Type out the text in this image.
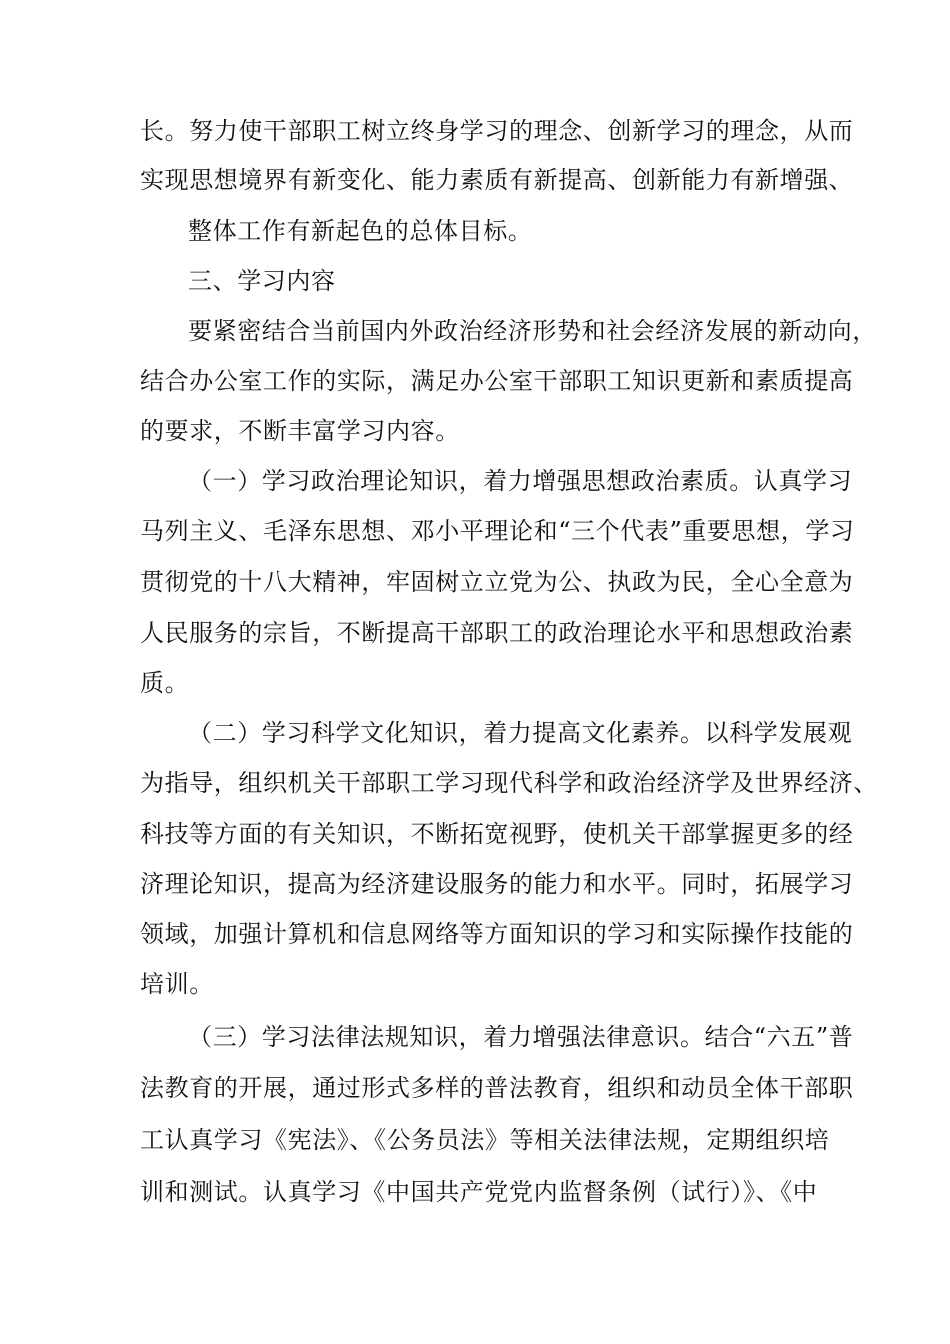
长。努力使干部职工树立终身学习的理念、创新学习的理念，从而
实现思想境界有新变化、能力素质有新提高、创新能力有新增强、
整体工作有新起色的总体目标。
三、学习内容
要紧密结合当前国内外政治经济形势和社会经济发展的新动向，
结合办公室工作的实际，满足办公室干部职工知识更新和素质提高
的要求，不断丰富学习内容。
（一）学习政治理论知识，着力增强思想政治素质。认真学习
马列主义、毛泽东思想、邓小平理论和“三个代表”重要思想，学习
贯彻党的十八大精神，牢固树立立党为公、执政为民，全心全意为
人民服务的宗旨，不断提高干部职工的政治理论水平和思想政治素
质。
（二）学习科学文化知识，着力提高文化素养。以科学发展观
为指导，组织机关干部职工学习现代科学和政治经济学及世界经济、
科技等方面的有关知识，不断拓宽视野，使机关干部掌握更多的经
济理论知识，提高为经济建设服务的能力和水平。同时，拓展学习
领域，加强计算机和信息网络等方面知识的学习和实际操作技能的
培训。
（三）学习法律法规知识，着力增强法律意识。结合“六五”普
法教育的开展，通过形式多样的普法教育，组织和动员全体干部职
工认真学习《宪法》、《公务员法》等相关法律法规，定期组织培
训和测试。认真学习《中国共产党党内监督条例（试行）》、《中
